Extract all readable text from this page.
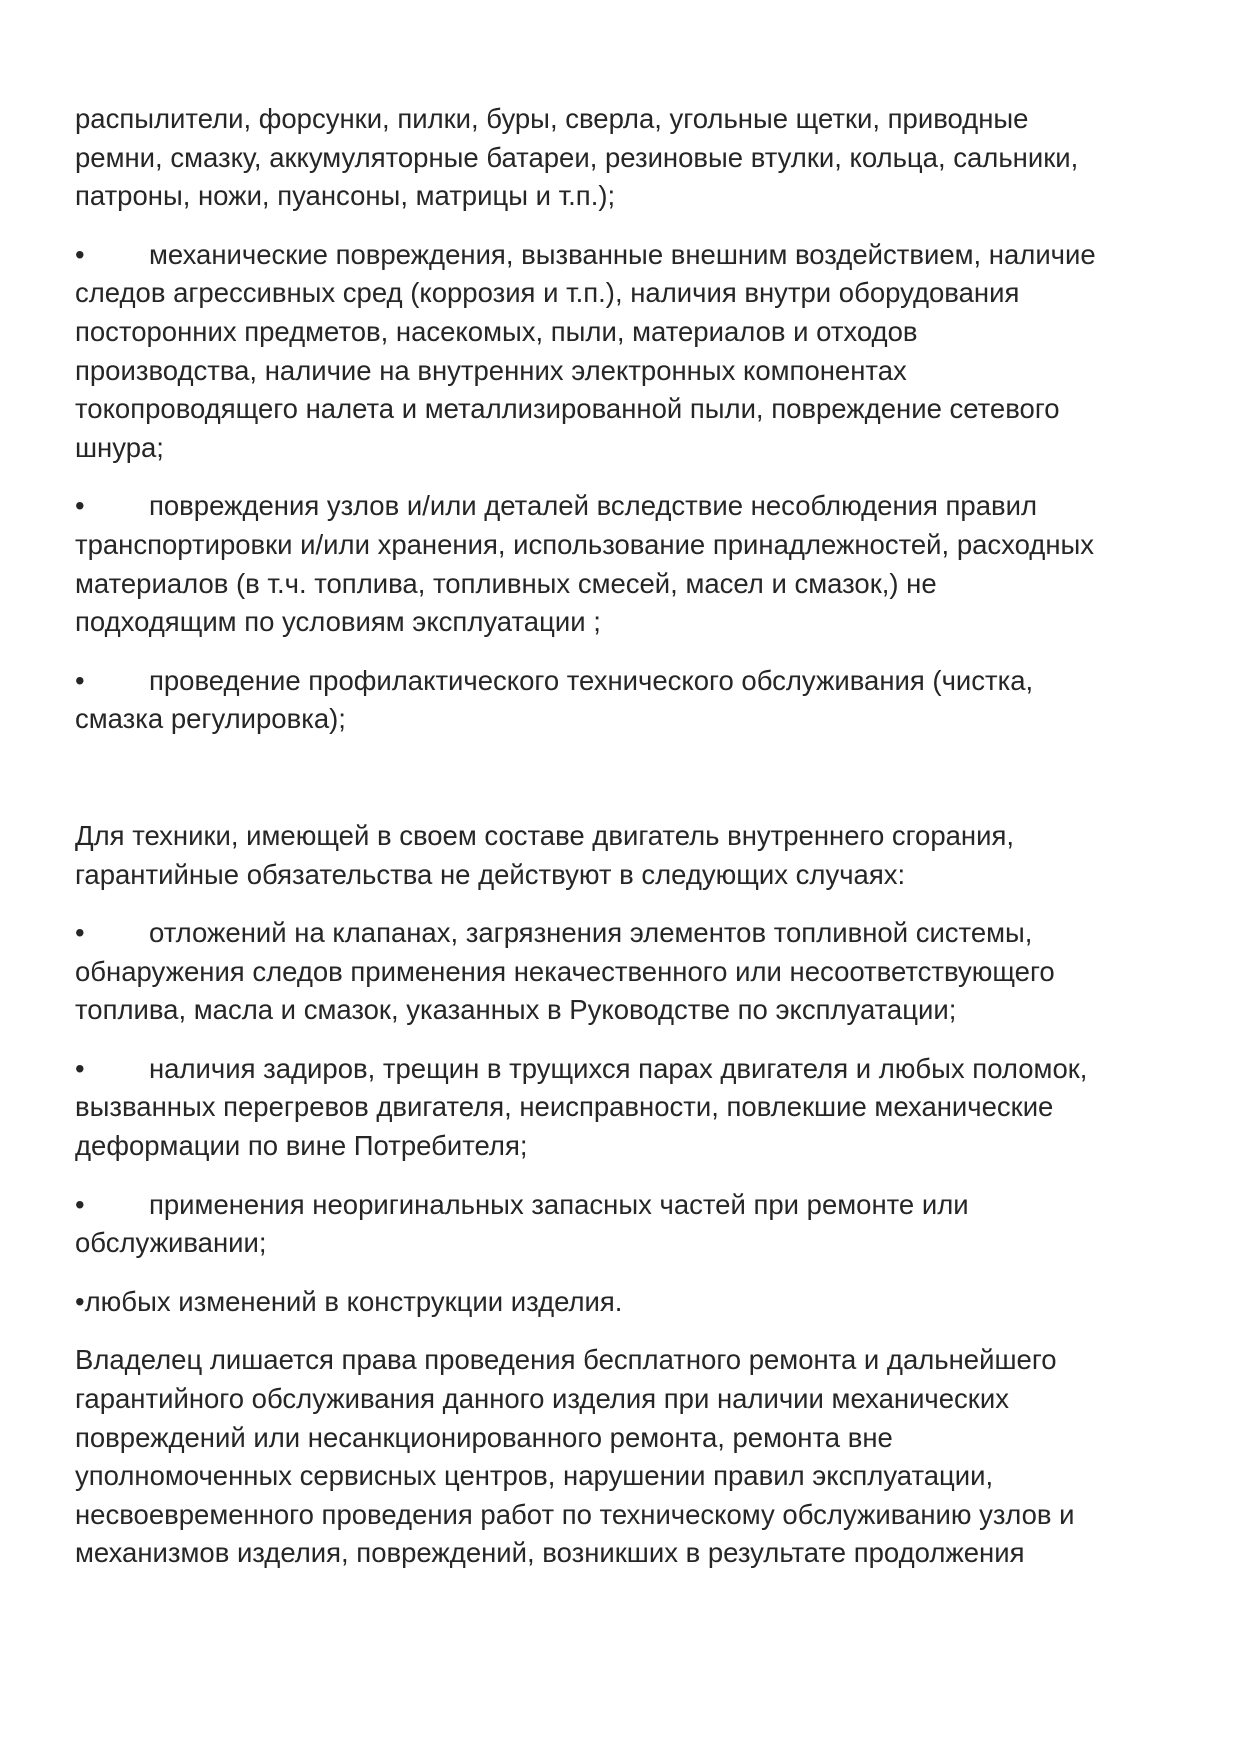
распылители, форсунки, пилки, буры, сверла, угольные щетки, приводные
ремни, смазку, аккумуляторные батареи, резиновые втулки, кольца, сальники,
патроны, ножи, пуансоны, матрицы и т.п.);

• механические повреждения, вызванные внешним воздействием, наличие
следов агрессивных сред (коррозия и т.п.), наличия внутри оборудования
посторонних предметов, насекомых, пыли, материалов и отходов
производства, наличие на внутренних электронных компонентах
токопроводящего налета и металлизированной пыли, повреждение сетевого
шнура;

• повреждения узлов и/или деталей вследствие несоблюдения правил
транспортировки и/или хранения, использование принадлежностей, расходных
материалов (в т.ч. топлива, топливных смесей, масел и смазок,) не
подходящим по условиям эксплуатации ;

• проведение профилактического технического обслуживания (чистка,
смазка регулировка);

Для техники, имеющей в своем составе двигатель внутреннего сгорания,
гарантийные обязательства не действуют в следующих случаях:

• отложений на клапанах, загрязнения элементов топливной системы,
обнаружения следов применения некачественного или несоответствующего
топлива, масла и смазок, указанных в Руководстве по эксплуатации;

• наличия задиров, трещин в трущихся парах двигателя и любых поломок,
вызванных перегревов двигателя, неисправности, повлекшие механические
деформации по вине Потребителя;

• применения неоригинальных запасных частей при ремонте или
обслуживании;

•любых изменений в конструкции изделия.

Владелец лишается права проведения бесплатного ремонта и дальнейшего
гарантийного обслуживания данного изделия при наличии механических
повреждений или несанкционированного ремонта, ремонта вне
уполномоченных сервисных центров, нарушении правил эксплуатации,
несвоевременного проведения работ по техническому обслуживанию узлов и
механизмов изделия, повреждений, возникших в результате продолжения
